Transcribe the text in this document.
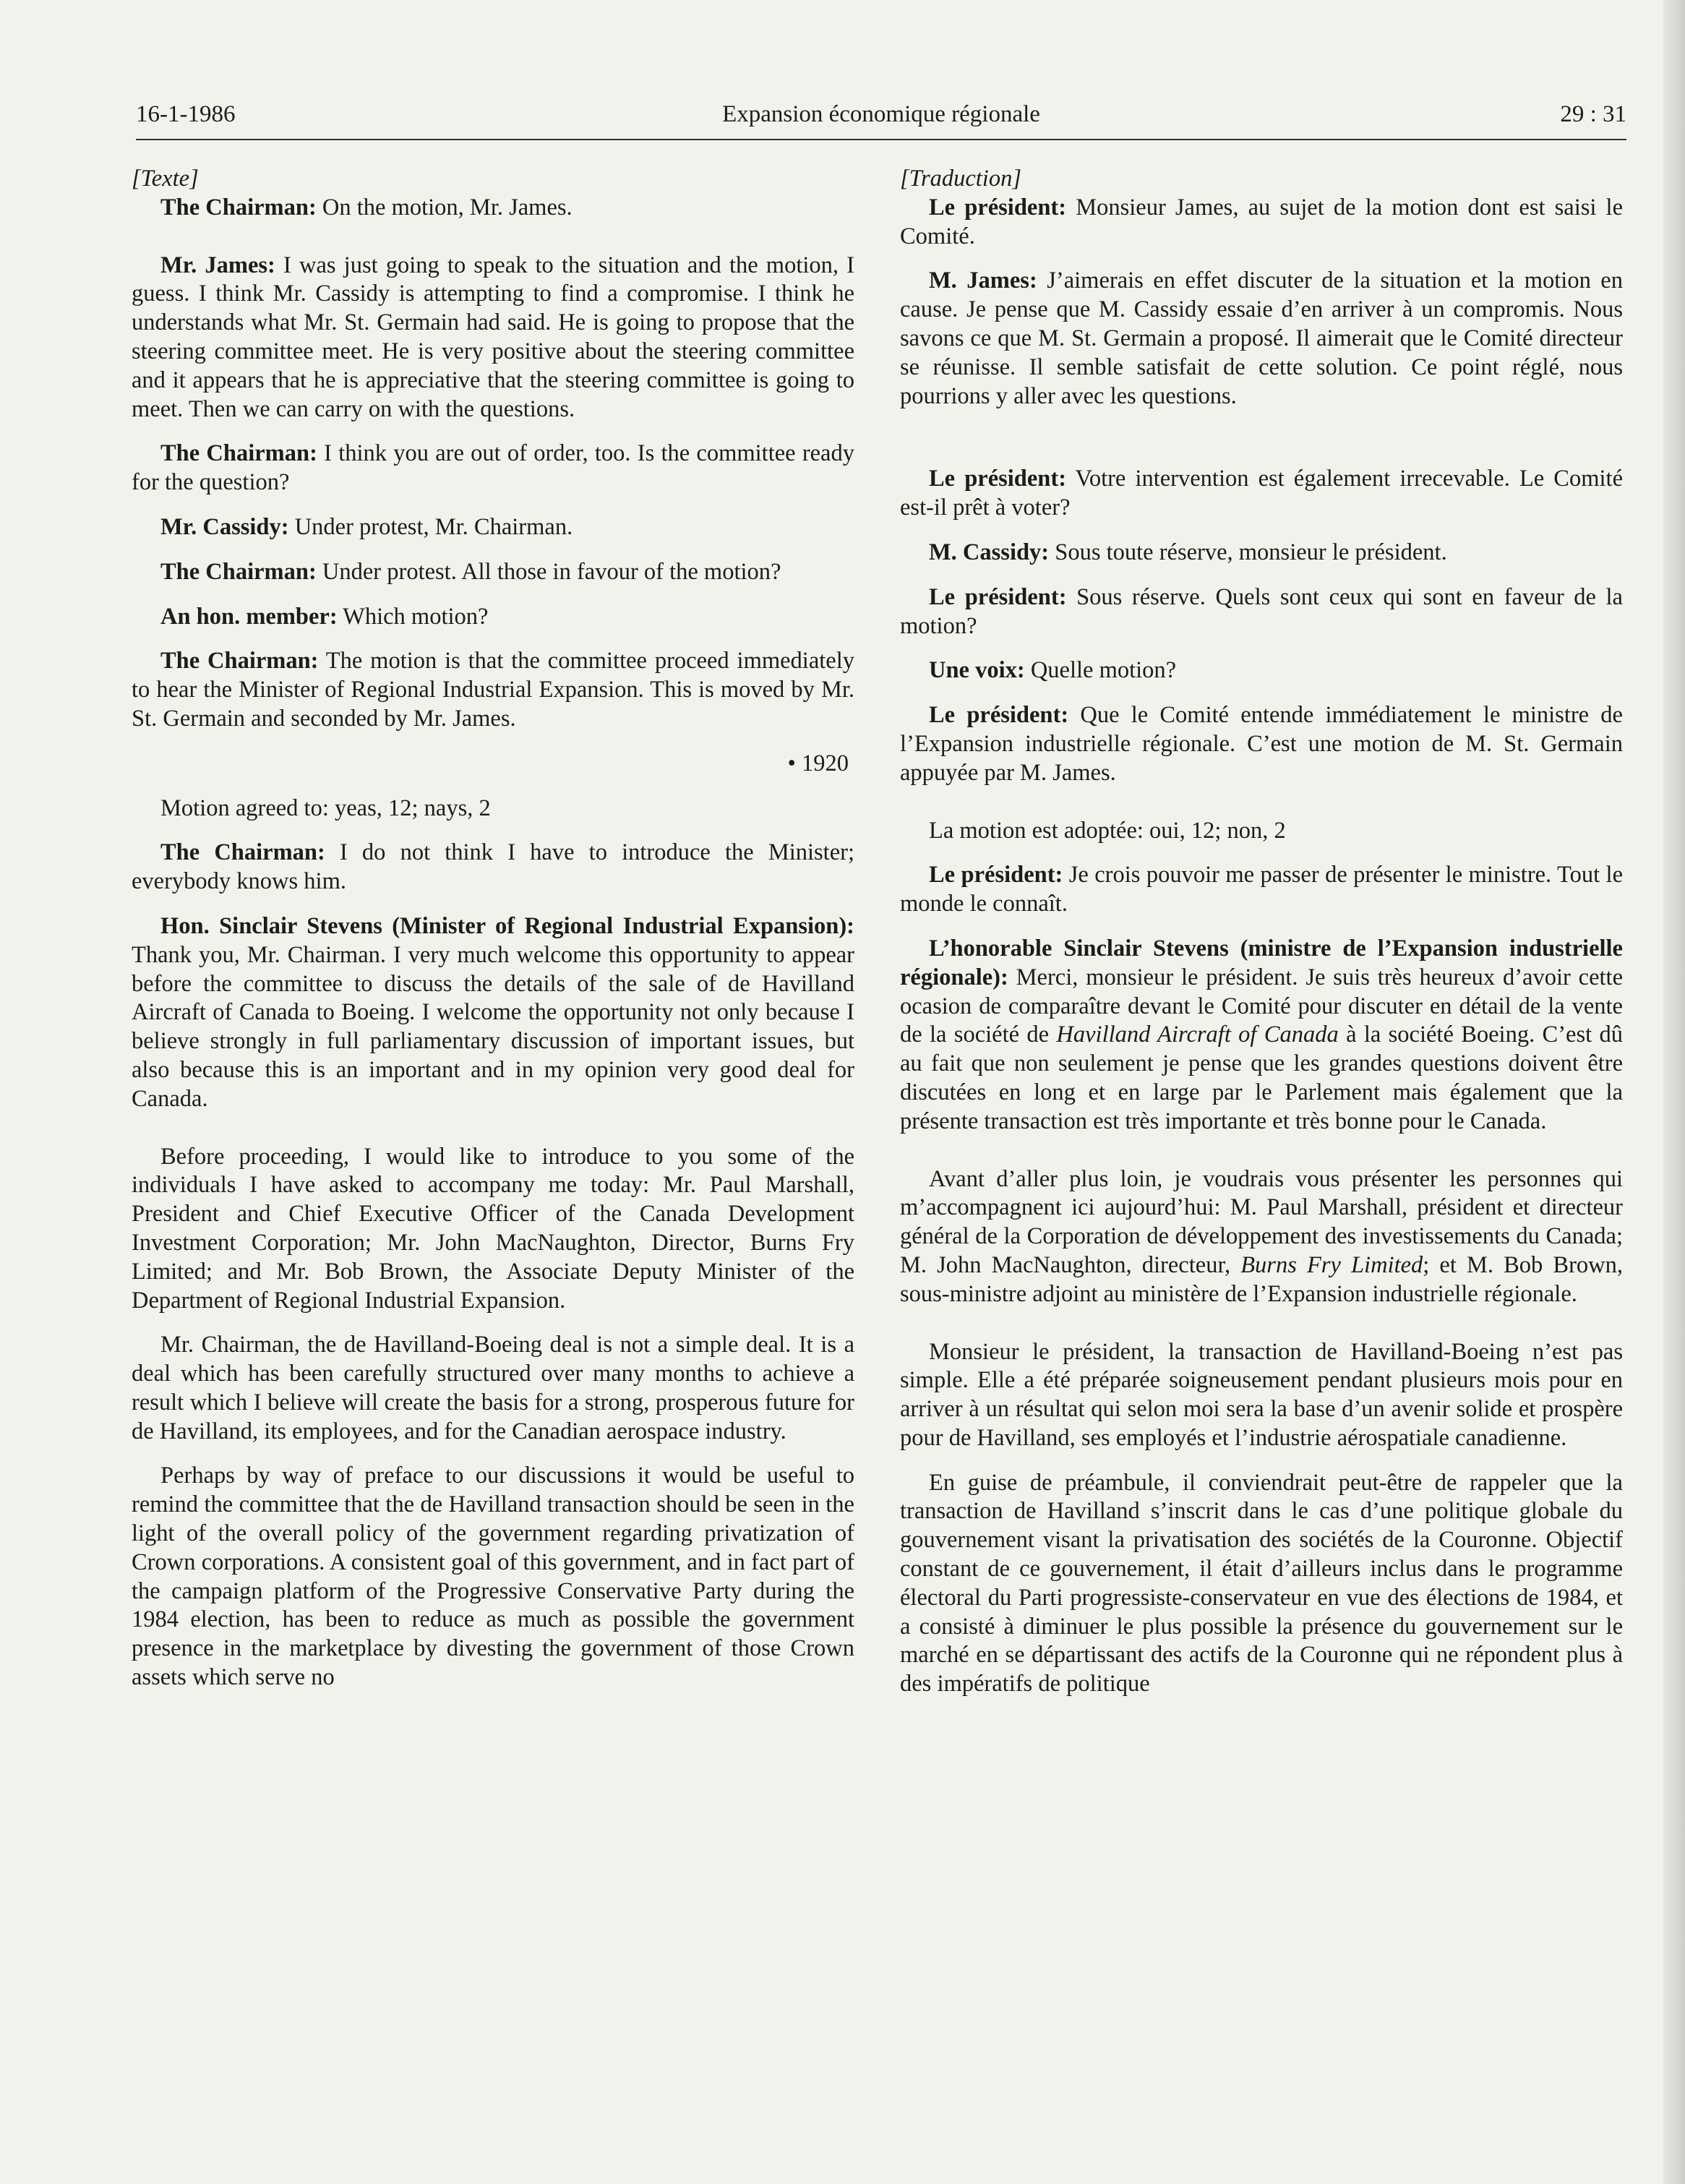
16-1-1986	Expansion économique régionale	29 : 31

[Texte]

The Chairman: On the motion, Mr. James.

Mr. James: I was just going to speak to the situation and the motion, I guess. I think Mr. Cassidy is attempting to find a compromise. I think he understands what Mr. St. Germain had said. He is going to propose that the steering committee meet. He is very positive about the steering committee and it appears that he is appreciative that the steering committee is going to meet. Then we can carry on with the questions.

The Chairman: I think you are out of order, too. Is the committee ready for the question?

Mr. Cassidy: Under protest, Mr. Chairman.

The Chairman: Under protest. All those in favour of the motion?

An hon. member: Which motion?

The Chairman: The motion is that the committee proceed immediately to hear the Minister of Regional Industrial Expansion. This is moved by Mr. St. Germain and seconded by Mr. James.

• 1920

Motion agreed to: yeas, 12; nays, 2

The Chairman: I do not think I have to introduce the Minister; everybody knows him.

Hon. Sinclair Stevens (Minister of Regional Industrial Expansion): Thank you, Mr. Chairman. I very much welcome this opportunity to appear before the committee to discuss the details of the sale of de Havilland Aircraft of Canada to Boeing. I welcome the opportunity not only because I believe strongly in full parliamentary discussion of important issues, but also because this is an important and in my opinion very good deal for Canada.

Before proceeding, I would like to introduce to you some of the individuals I have asked to accompany me today: Mr. Paul Marshall, President and Chief Executive Officer of the Canada Development Investment Corporation; Mr. John MacNaughton, Director, Burns Fry Limited; and Mr. Bob Brown, the Associate Deputy Minister of the Department of Regional Industrial Expansion.

Mr. Chairman, the de Havilland-Boeing deal is not a simple deal. It is a deal which has been carefully structured over many months to achieve a result which I believe will create the basis for a strong, prosperous future for de Havilland, its employees, and for the Canadian aerospace industry.

Perhaps by way of preface to our discussions it would be useful to remind the committee that the de Havilland transaction should be seen in the light of the overall policy of the government regarding privatization of Crown corporations. A consistent goal of this government, and in fact part of the campaign platform of the Progressive Conservative Party during the 1984 election, has been to reduce as much as possible the government presence in the marketplace by divesting the government of those Crown assets which serve no

[Traduction]

Le président: Monsieur James, au sujet de la motion dont est saisi le Comité.

M. James: J’aimerais en effet discuter de la situation et la motion en cause. Je pense que M. Cassidy essaie d’en arriver à un compromis. Nous savons ce que M. St. Germain a proposé. Il aimerait que le Comité directeur se réunisse. Il semble satisfait de cette solution. Ce point réglé, nous pourrions y aller avec les questions.

Le président: Votre intervention est également irrecevable. Le Comité est-il prêt à voter?

M. Cassidy: Sous toute réserve, monsieur le président.

Le président: Sous réserve. Quels sont ceux qui sont en faveur de la motion?

Une voix: Quelle motion?

Le président: Que le Comité entende immédiatement le ministre de l’Expansion industrielle régionale. C’est une motion de M. St. Germain appuyée par M. James.

La motion est adoptée: oui, 12; non, 2

Le président: Je crois pouvoir me passer de présenter le ministre. Tout le monde le connaît.

L’honorable Sinclair Stevens (ministre de l’Expansion industrielle régionale): Merci, monsieur le président. Je suis très heureux d’avoir cette ocasion de comparaître devant le Comité pour discuter en détail de la vente de la société de Havilland Aircraft of Canada à la société Boeing. C’est dû au fait que non seulement je pense que les grandes questions doivent être discutées en long et en large par le Parlement mais également que la présente transaction est très importante et très bonne pour le Canada.

Avant d’aller plus loin, je voudrais vous présenter les personnes qui m’accompagnent ici aujourd’hui: M. Paul Marshall, président et directeur général de la Corporation de développement des investissements du Canada; M. John MacNaughton, directeur, Burns Fry Limited; et M. Bob Brown, sous-ministre adjoint au ministère de l’Expansion industrielle régionale.

Monsieur le président, la transaction de Havilland-Boeing n’est pas simple. Elle a été préparée soigneusement pendant plusieurs mois pour en arriver à un résultat qui selon moi sera la base d’un avenir solide et prospère pour de Havilland, ses employés et l’industrie aérospatiale canadienne.

En guise de préambule, il conviendrait peut-être de rappeler que la transaction de Havilland s’inscrit dans le cas d’une politique globale du gouvernement visant la privatisation des sociétés de la Couronne. Objectif constant de ce gouvernement, il était d’ailleurs inclus dans le programme électoral du Parti progressiste-conservateur en vue des élections de 1984, et a consisté à diminuer le plus possible la présence du gouvernement sur le marché en se départissant des actifs de la Couronne qui ne répondent plus à des impératifs de politique
